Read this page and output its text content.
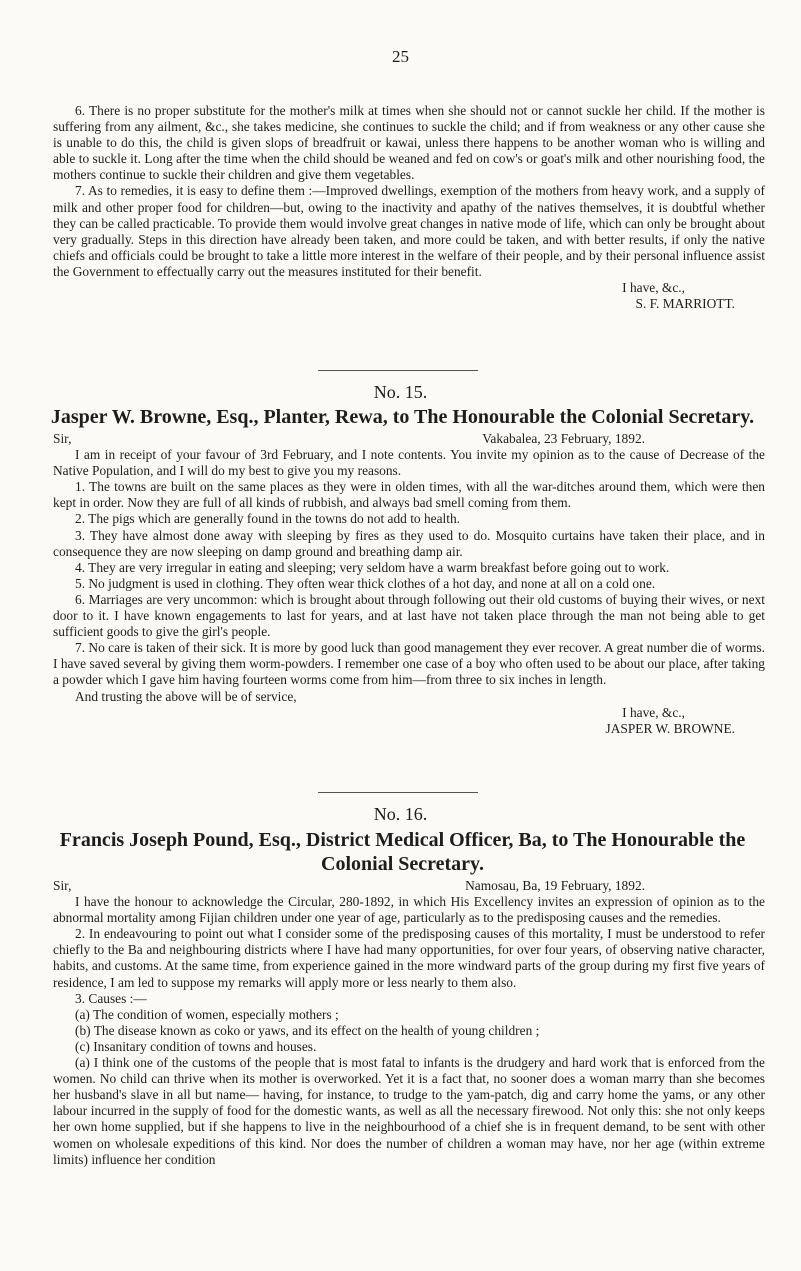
25

6. There is no proper substitute for the mother's milk at times when she should not or cannot suckle her child. If the mother is suffering from any ailment, &c., she takes medicine, she continues to suckle the child; and if from weakness or any other cause she is unable to do this, the child is given slops of breadfruit or kawai, unless there happens to be another woman who is willing and able to suckle it. Long after the time when the child should be weaned and fed on cow's or goat's milk and other nourishing food, the mothers continue to suckle their children and give them vegetables.

7. As to remedies, it is easy to define them :—Improved dwellings, exemption of the mothers from heavy work, and a supply of milk and other proper food for children—but, owing to the inactivity and apathy of the natives themselves, it is doubtful whether they can be called practicable. To provide them would involve great changes in native mode of life, which can only be brought about very gradually. Steps in this direction have already been taken, and more could be taken, and with better results, if only the native chiefs and officials could be brought to take a little more interest in the welfare of their people, and by their personal influence assist the Government to effectually carry out the measures instituted for their benefit.

I have, &c.,
S. F. MARRIOTT.
No. 15.
Jasper W. Browne, Esq., Planter, Rewa, to The Honourable the Colonial Secretary.
Sir,	Vakabalea, 23 February, 1892.

I am in receipt of your favour of 3rd February, and I note contents. You invite my opinion as to the cause of Decrease of the Native Population, and I will do my best to give you my reasons.

1. The towns are built on the same places as they were in olden times, with all the war-ditches around them, which were then kept in order. Now they are full of all kinds of rubbish, and always bad smell coming from them.

2. The pigs which are generally found in the towns do not add to health.

3. They have almost done away with sleeping by fires as they used to do. Mosquito curtains have taken their place, and in consequence they are now sleeping on damp ground and breathing damp air.

4. They are very irregular in eating and sleeping; very seldom have a warm breakfast before going out to work.

5. No judgment is used in clothing. They often wear thick clothes of a hot day, and none at all on a cold one.

6. Marriages are very uncommon: which is brought about through following out their old customs of buying their wives, or next door to it. I have known engagements to last for years, and at last have not taken place through the man not being able to get sufficient goods to give the girl's people.

7. No care is taken of their sick. It is more by good luck than good management they ever recover. A great number die of worms. I have saved several by giving them worm-powders. I remember one case of a boy who often used to be about our place, after taking a powder which I gave him having fourteen worms come from him—from three to six inches in length.

And trusting the above will be of service,

I have, &c.,
JASPER W. BROWNE.
No. 16.
Francis Joseph Pound, Esq., District Medical Officer, Ba, to The Honourable the Colonial Secretary.
Sir,	Namosau, Ba, 19 February, 1892.

I have the honour to acknowledge the Circular, 280-1892, in which His Excellency invites an expression of opinion as to the abnormal mortality among Fijian children under one year of age, particularly as to the predisposing causes and the remedies.

2. In endeavouring to point out what I consider some of the predisposing causes of this mortality, I must be understood to refer chiefly to the Ba and neighbouring districts where I have had many opportunities, for over four years, of observing native character, habits, and customs. At the same time, from experience gained in the more windward parts of the group during my first five years of residence, I am led to suppose my remarks will apply more or less nearly to them also.

3. Causes :—

(a) The condition of women, especially mothers ;

(b) The disease known as coko or yaws, and its effect on the health of young children ;

(c) Insanitary condition of towns and houses.

(a) I think one of the customs of the people that is most fatal to infants is the drudgery and hard work that is enforced from the women. No child can thrive when its mother is overworked. Yet it is a fact that, no sooner does a woman marry than she becomes her husband's slave in all but name— having, for instance, to trudge to the yam-patch, dig and carry home the yams, or any other labour incurred in the supply of food for the domestic wants, as well as all the necessary firewood. Not only this: she not only keeps her own home supplied, but if she happens to live in the neighbourhood of a chief she is in frequent demand, to be sent with other women on wholesale expeditions of this kind. Nor does the number of children a woman may have, nor her age (within extreme limits) influence her condition
